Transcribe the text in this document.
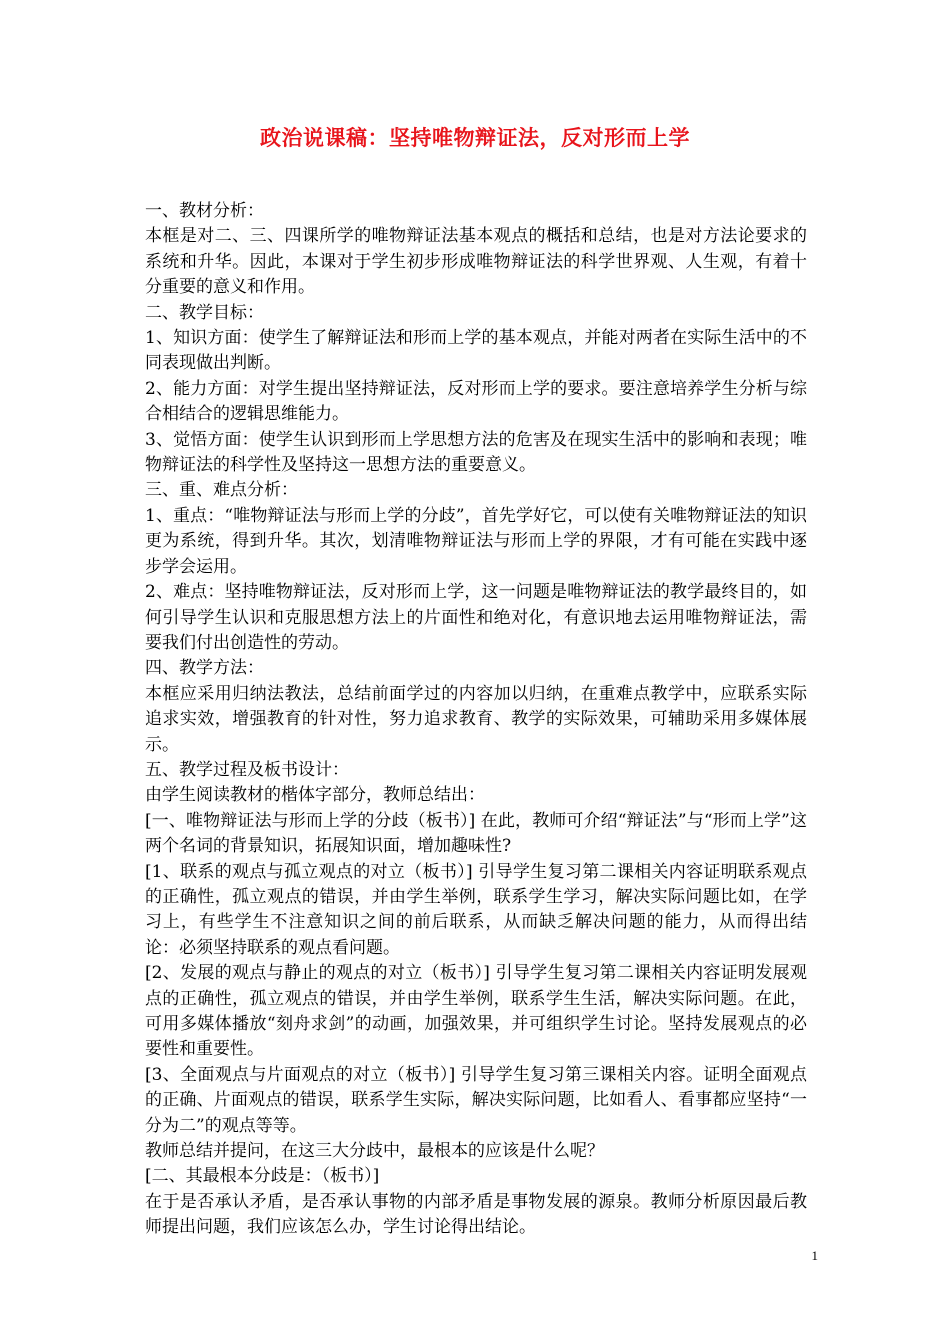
政治说课稿：坚持唯物辩证法，反对形而上学

一、教材分析：

本框是对二、三、四课所学的唯物辩证法基本观点的概括和总结，也是对方法论要求的系统和升华。因此，本课对于学生初步形成唯物辩证法的科学世界观、人生观，有着十分重要的意义和作用。

二、教学目标：

1、知识方面：使学生了解辩证法和形而上学的基本观点，并能对两者在实际生活中的不同表现做出判断。

2、能力方面：对学生提出坚持辩证法，反对形而上学的要求。要注意培养学生分析与综合相结合的逻辑思维能力。

3、觉悟方面：使学生认识到形而上学思想方法的危害及在现实生活中的影响和表现；唯物辩证法的科学性及坚持这一思想方法的重要意义。

三、重、难点分析：

1、重点：“唯物辩证法与形而上学的分歧”，首先学好它，可以使有关唯物辩证法的知识更为系统，得到升华。其次，划清唯物辩证法与形而上学的界限，才有可能在实践中逐步学会运用。

2、难点：坚持唯物辩证法，反对形而上学，这一问题是唯物辩证法的教学最终目的，如何引导学生认识和克服思想方法上的片面性和绝对化，有意识地去运用唯物辩证法，需要我们付出创造性的劳动。

四、教学方法：

本框应采用归纳法教法，总结前面学过的内容加以归纳，在重难点教学中，应联系实际追求实效，增强教育的针对性，努力追求教育、教学的实际效果，可辅助采用多媒体展示。

五、教学过程及板书设计：

由学生阅读教材的楷体字部分，教师总结出：

[一、唯物辩证法与形而上学的分歧（板书）] 在此，教师可介绍“辩证法”与“形而上学”这两个名词的背景知识，拓展知识面，增加趣味性?

[1、联系的观点与孤立观点的对立（板书）] 引导学生复习第二课相关内容证明联系观点的正确性，孤立观点的错误，并由学生举例，联系学生学习，解决实际问题比如，在学习上，有些学生不注意知识之间的前后联系，从而缺乏解决问题的能力，从而得出结论：必须坚持联系的观点看问题。

[2、发展的观点与静止的观点的对立（板书）] 引导学生复习第二课相关内容证明发展观点的正确性，孤立观点的错误，并由学生举例，联系学生生活，解决实际问题。在此，可用多媒体播放“刻舟求剑”的动画，加强效果，并可组织学生讨论。坚持发展观点的必要性和重要性。

[3、全面观点与片面观点的对立（板书）] 引导学生复习第三课相关内容。证明全面观点的正确、片面观点的错误，联系学生实际，解决实际问题，比如看人、看事都应坚持“一分为二”的观点等等。

教师总结并提问，在这三大分歧中，最根本的应该是什么呢？

[二、其最根本分歧是：（板书）]

在于是否承认矛盾，是否承认事物的内部矛盾是事物发展的源泉。教师分析原因最后教师提出问题，我们应该怎么办，学生讨论得出结论。

1
